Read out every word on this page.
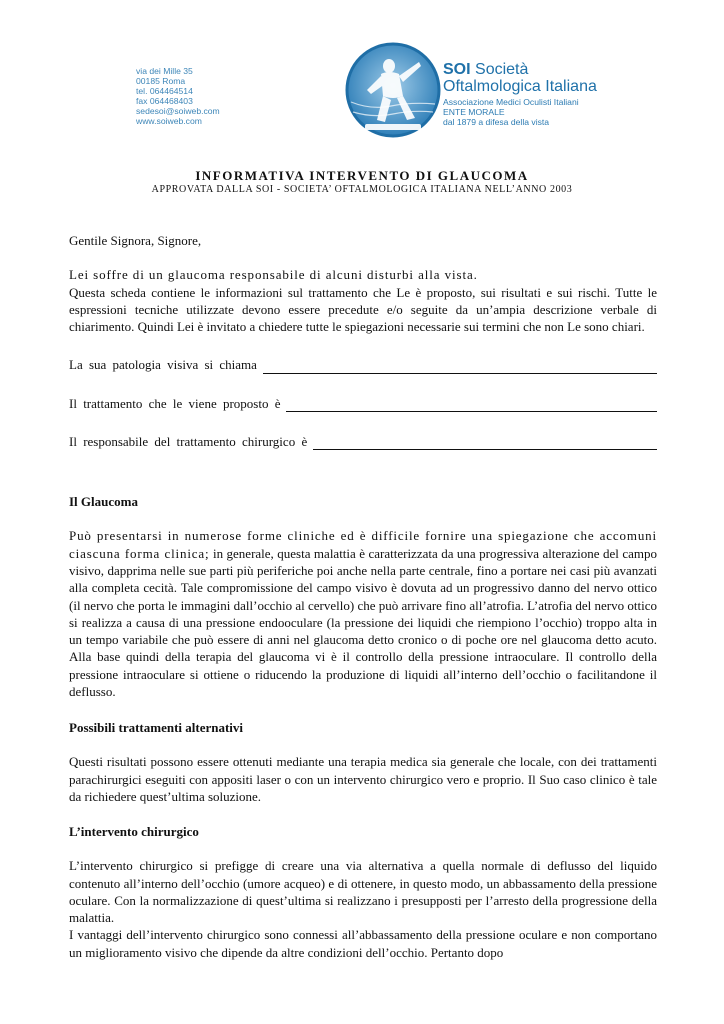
via dei Mille 35
00185 Roma
tel. 064464514
fax 064468403
sedesoi@soiweb.com
www.soiweb.com
SOI Società
Oftalmologica Italiana
Associazione Medici Oculisti Italiani
ENTE MORALE
dal 1879 a difesa della vista
INFORMATIVA INTERVENTO DI GLAUCOMA
APPROVATA DALLA SOI - SOCIETA’ OFTALMOLOGICA ITALIANA NELL’ANNO 2003

Gentile Signora, Signore,

Lei soffre di un glaucoma responsabile di alcuni disturbi alla vista.

Questa scheda contiene le informazioni sul trattamento che Le è proposto, sui risultati e sui rischi. Tutte le espressioni tecniche utilizzate devono essere precedute e/o seguite da un’ampia descrizione verbale di chiarimento. Quindi Lei è invitato a chiedere tutte le spiegazioni necessarie sui termini che non Le sono chiari.

La sua patologia visiva si chiama

Il trattamento che le viene proposto è

Il responsabile del trattamento chirurgico è

Il Glaucoma

Può presentarsi in numerose forme cliniche ed è difficile fornire una spiegazione che accomuni ciascuna forma clinica; in generale, questa malattia è caratterizzata da una progressiva alterazione del campo visivo, dapprima nelle sue parti più periferiche poi anche nella parte centrale, fino a portare nei casi più avanzati alla completa cecità. Tale compromissione del campo visivo è dovuta ad un progressivo danno del nervo ottico (il nervo che porta le immagini dall’occhio al cervello) che può arrivare fino all’atrofia. L’atrofia del nervo ottico si realizza a causa di una pressione endooculare (la pressione dei liquidi che riempiono l’occhio) troppo alta in un tempo variabile che può essere di anni nel glaucoma detto cronico o di poche ore nel glaucoma detto acuto. Alla base quindi della terapia del glaucoma vi è il controllo della pressione intraoculare. Il controllo della pressione intraoculare si ottiene o riducendo la produzione di liquidi all’interno dell’occhio o facilitandone il deflusso.

Possibili trattamenti alternativi

Questi risultati possono essere ottenuti mediante una terapia medica sia generale che locale, con dei trattamenti parachirurgici eseguiti con appositi laser o con un intervento chirurgico vero e proprio. Il Suo caso clinico è tale da richiedere quest’ultima soluzione.

L’intervento chirurgico

L’intervento chirurgico si prefigge di creare una via alternativa a quella normale di deflusso del liquido contenuto all’interno dell’occhio (umore acqueo) e di ottenere, in questo modo, un abbassamento della pressione oculare. Con la normalizzazione di quest’ultima si realizzano i presupposti per l’arresto della progressione della malattia.

I vantaggi dell’intervento chirurgico sono connessi all’abbassamento della pressione oculare e non comportano un miglioramento visivo che dipende da altre condizioni dell’occhio. Pertanto dopo
